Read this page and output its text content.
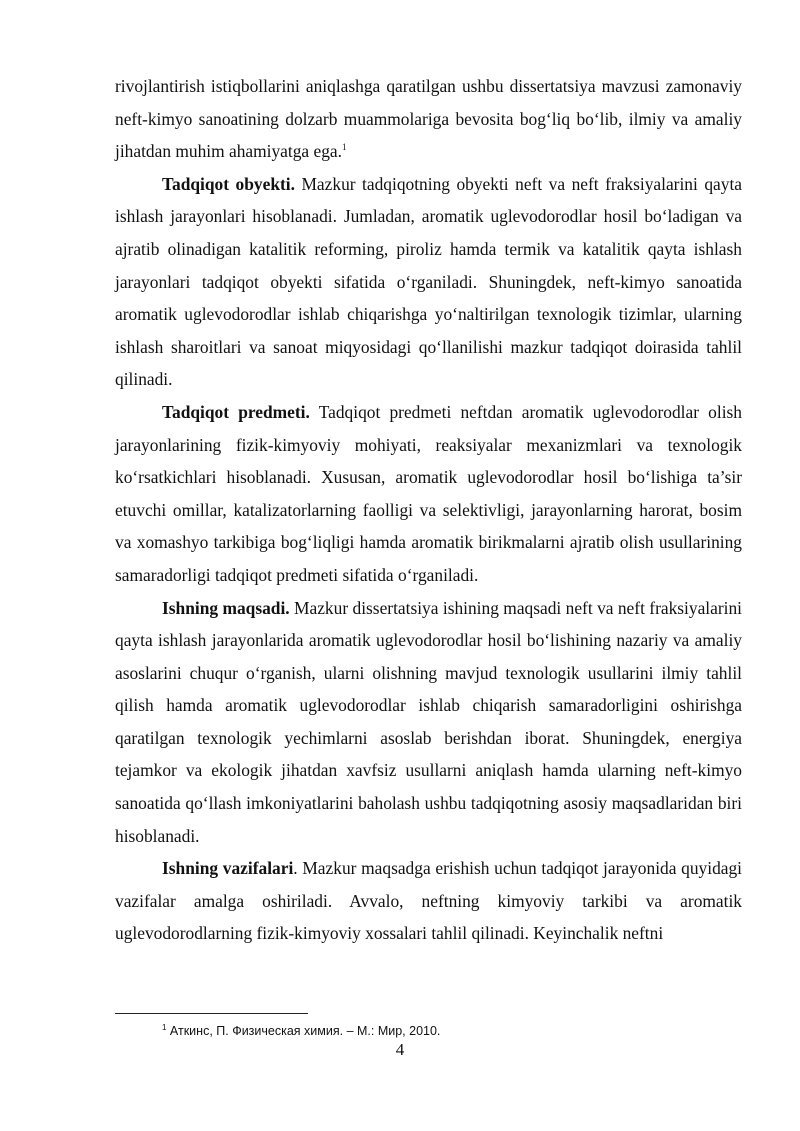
rivojlantirish istiqbollarini aniqlashga qaratilgan ushbu dissertatsiya mavzusi zamonaviy neft-kimyo sanoatining dolzarb muammolariga bevosita bog‘liq bo‘lib, ilmiy va amaliy jihatdan muhim ahamiyatga ega.$^1$

Tadqiqot obyekti. Mazkur tadqiqotning obyekti neft va neft fraksiyalarini qayta ishlash jarayonlari hisoblanadi. Jumladan, aromatik uglevodorodlar hosil bo‘ladigan va ajratib olinadigan katalitik reforming, piroliz hamda termik va katalitik qayta ishlash jarayonlari tadqiqot obyekti sifatida o‘rganiladi. Shuningdek, neft-kimyo sanoatida aromatik uglevodorodlar ishlab chiqarishga yo‘naltirilgan texnologik tizimlar, ularning ishlash sharoitlari va sanoat miqyosidagi qo‘llanilishi mazkur tadqiqot doirasida tahlil qilinadi.

Tadqiqot predmeti. Tadqiqot predmeti neftdan aromatik uglevodorodlar olish jarayonlarining fizik-kimyoviy mohiyati, reaksiyalar mexanizmlari va texnologik ko‘rsatkichlari hisoblanadi. Xususan, aromatik uglevodorodlar hosil bo‘lishiga ta’sir etuvchi omillar, katalizatorlarning faolligi va selektivligi, jarayonlarning harorat, bosim va xomashyo tarkibiga bog‘liqligi hamda aromatik birikmalarni ajratib olish usullarining samaradorligi tadqiqot predmeti sifatida o‘rganiladi.

Ishning maqsadi. Mazkur dissertatsiya ishining maqsadi neft va neft fraksiyalarini qayta ishlash jarayonlarida aromatik uglevodorodlar hosil bo‘lishining nazariy va amaliy asoslarini chuqur o‘rganish, ularni olishning mavjud texnologik usullarini ilmiy tahlil qilish hamda aromatik uglevodorodlar ishlab chiqarish samaradorligini oshirishga qaratilgan texnologik yechimlarni asoslab berishdan iborat. Shuningdek, energiya tejamkor va ekologik jihatdan xavfsiz usullarni aniqlash hamda ularning neft-kimyo sanoatida qo‘llash imkoniyatlarini baholash ushbu tadqiqotning asosiy maqsadlaridan biri hisoblanadi.

Ishning vazifalari. Mazkur maqsadga erishish uchun tadqiqot jarayonida quyidagi vazifalar amalga oshiriladi. Avvalo, neftning kimyoviy tarkibi va aromatik uglevodorodlarning fizik-kimyoviy xossalari tahlil qilinadi. Keyinchalik neftni

$^1$ Аткинс, П. Физическая химия. – М.: Мир, 2010.
4
